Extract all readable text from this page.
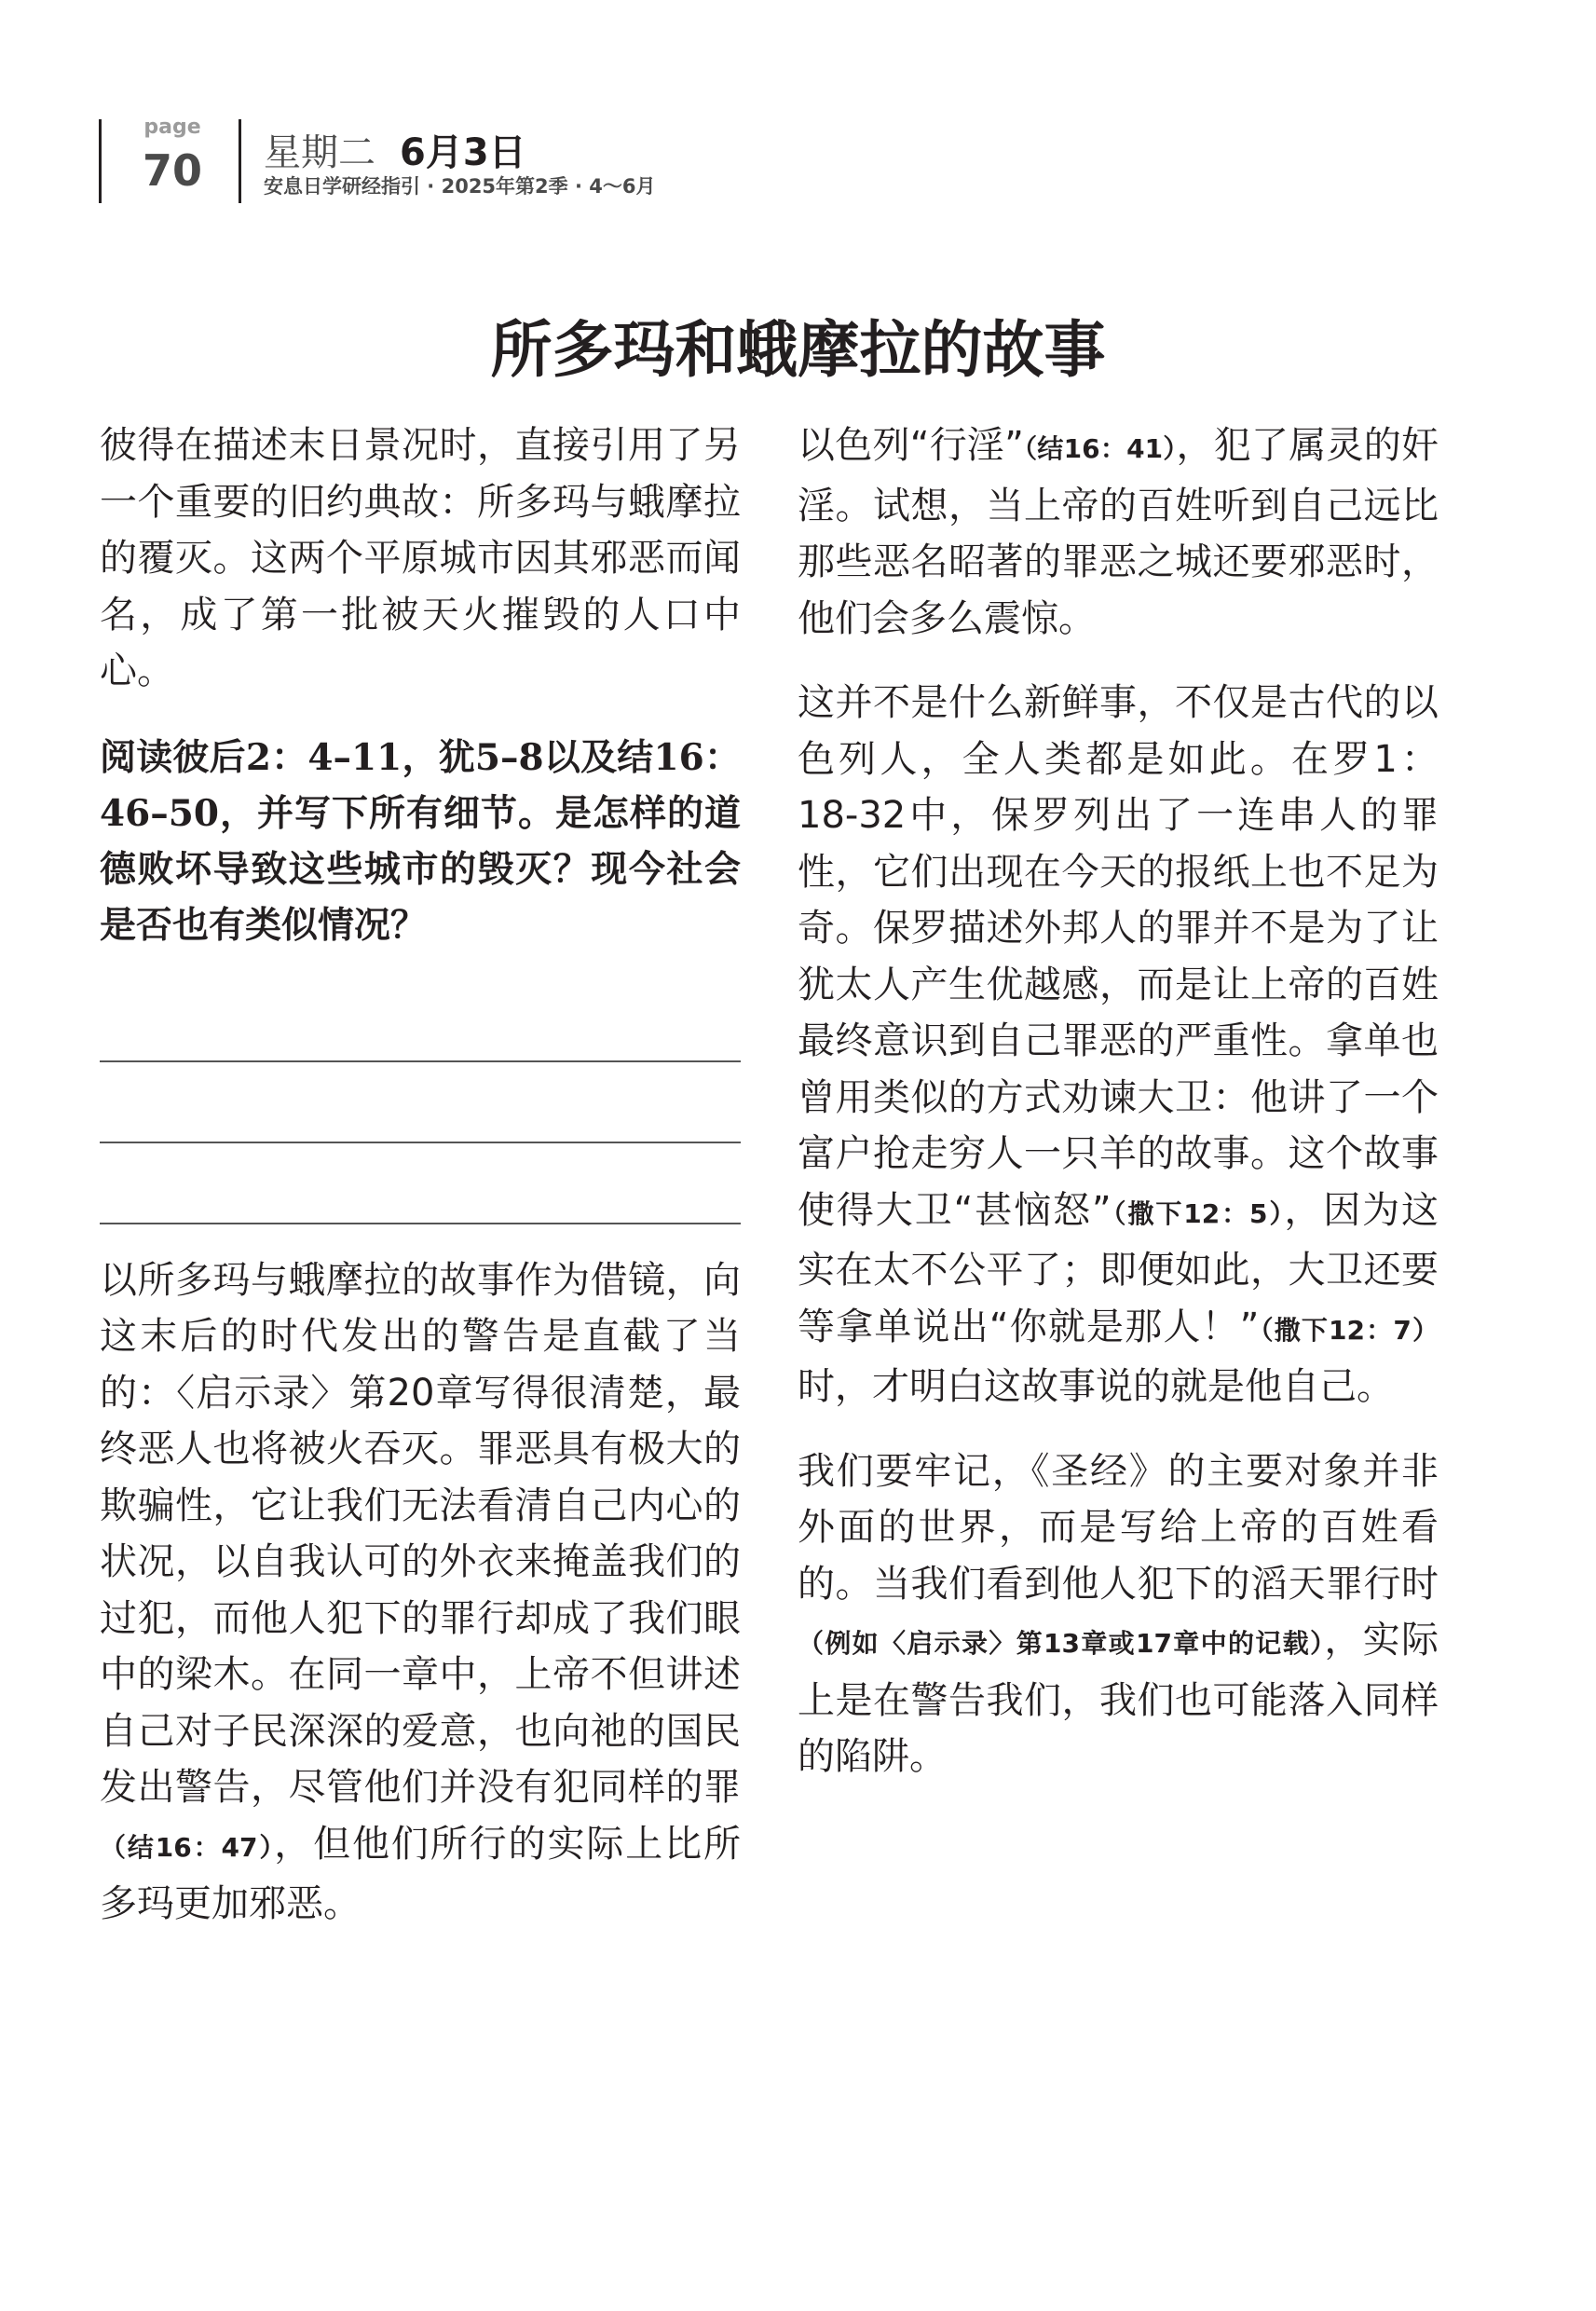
page
70	星期二 6月3日
安息日学研经指引 · 2025年第2季 · 4～6月
所多玛和蛾摩拉的故事

彼得在描述末日景况时，直接引用了另一个重要的旧约典故：所多玛与蛾摩拉的覆灭。这两个平原城市因其邪恶而闻名，成了第一批被天火摧毁的人口中心。

阅读彼后2：4–11，犹5–8以及结16：46–50，并写下所有细节。是怎样的道德败坏导致这些城市的毁灭？现今社会是否也有类似情况？

以所多玛与蛾摩拉的故事作为借镜，向这末后的时代发出的警告是直截了当的：〈启示录〉第20章写得很清楚，最终恶人也将被火吞灭。罪恶具有极大的欺骗性，它让我们无法看清自己内心的状况，以自我认可的外衣来掩盖我们的过犯，而他人犯下的罪行却成了我们眼中的梁木。在同一章中，上帝不但讲述自己对子民深深的爱意，也向祂的国民发出警告，尽管他们并没有犯同样的罪（结16：47），但他们所行的实际上比所多玛更加邪恶。

以色列“行淫”（结16：41），犯了属灵的奸淫。试想，当上帝的百姓听到自己远比那些恶名昭著的罪恶之城还要邪恶时，他们会多么震惊。

这并不是什么新鲜事，不仅是古代的以色列人，全人类都是如此。在罗1：18-32中，保罗列出了一连串人的罪性，它们出现在今天的报纸上也不足为奇。保罗描述外邦人的罪并不是为了让犹太人产生优越感，而是让上帝的百姓最终意识到自己罪恶的严重性。拿单也曾用类似的方式劝谏大卫：他讲了一个富户抢走穷人一只羊的故事。这个故事使得大卫“甚恼怒”（撒下12：5），因为这实在太不公平了；即便如此，大卫还要等拿单说出“你就是那人！”（撒下12：7）时，才明白这故事说的就是他自己。

我们要牢记，《圣经》的主要对象并非外面的世界，而是写给上帝的百姓看的。当我们看到他人犯下的滔天罪行时（例如〈启示录〉第13章或17章中的记载），实际上是在警告我们，我们也可能落入同样的陷阱。
